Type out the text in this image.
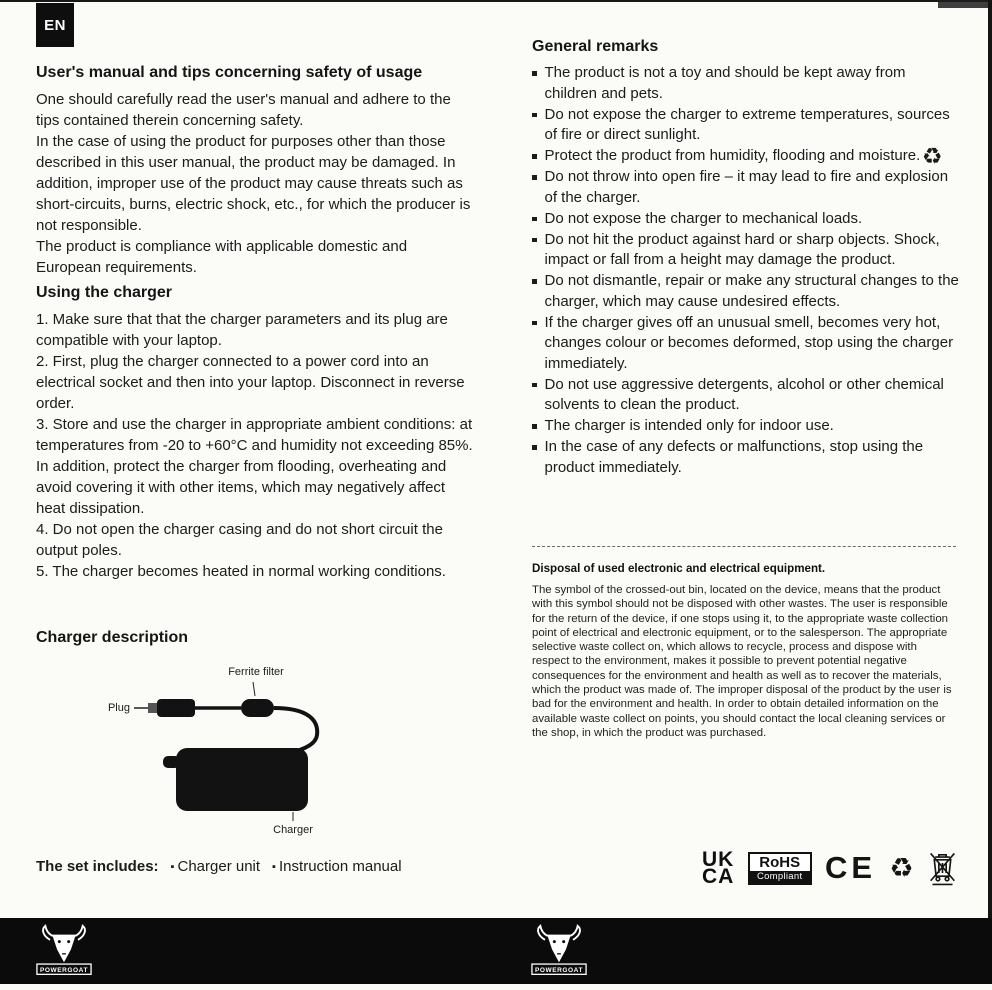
EN
User's manual and tips concerning safety of usage
One should carefully read the user's manual and adhere to the tips contained therein concerning safety.
In the case of using the product for purposes other than those described in this user manual, the product may be damaged. In addition, improper use of the product may cause threats such as short-circuits, burns, electric shock, etc., for which the producer is not responsible.
The product is compliance with applicable domestic and European requirements.
Using the charger
1. Make sure that that the charger parameters and its plug are compatible with your laptop.
2. First, plug the charger connected to a power cord into an electrical socket and then into your laptop. Disconnect in reverse order.
3. Store and use the charger in appropriate ambient conditions: at temperatures from -20 to +60°C and humidity not exceeding 85%. In addition, protect the charger from flooding, overheating and avoid covering it with other items, which may negatively affect heat dissipation.
4. Do not open the charger casing and do not short circuit the output poles.
5. The charger becomes heated in normal working conditions.
Charger description
Ferrite filter
Plug
Charger
The set includes: ▪ Charger unit ▪ Instruction manual
General remarks
The product is not a toy and should be kept away from children and pets.
Do not expose the charger to extreme temperatures, sources of fire or direct sunlight.
Protect the product from humidity, flooding and moisture.
Do not throw into open fire – it may lead to fire and explosion of the charger.
Do not expose the charger to mechanical loads.
Do not hit the product against hard or sharp objects. Shock, impact or fall from a height may damage the product.
Do not dismantle, repair or make any structural changes to the charger, which may cause undesired effects.
If the charger gives off an unusual smell, becomes very hot, changes colour or becomes deformed, stop using the charger immediately.
Do not use aggressive detergents, alcohol or other chemical solvents to clean the product.
The charger is intended only for indoor use.
In the case of any defects or malfunctions, stop using the product immediately.
♻
Disposal of used electronic and electrical equipment.
The symbol of the crossed-out bin, located on the device, means that the product with this symbol should not be disposed with other wastes. The user is responsible for the return of the device, if one stops using it, to the appropriate waste collection point of electrical and electronic equipment, or to the salesperson. The appropriate selective waste collect on, which allows to recycle, process and dispose with respect to the environment, makes it possible to prevent potential negative consequences for the environment and health as well as to recover the materials, which the product was made of. The improper disposal of the product by the user is bad for the environment and health. In order to obtain detailed information on the available waste collect on points, you should contact the local cleaning services or the shop, in which the product was purchased.
UK
CA
RoHS
Compliant CE ♻
POWERGOAT	POWERGOAT
